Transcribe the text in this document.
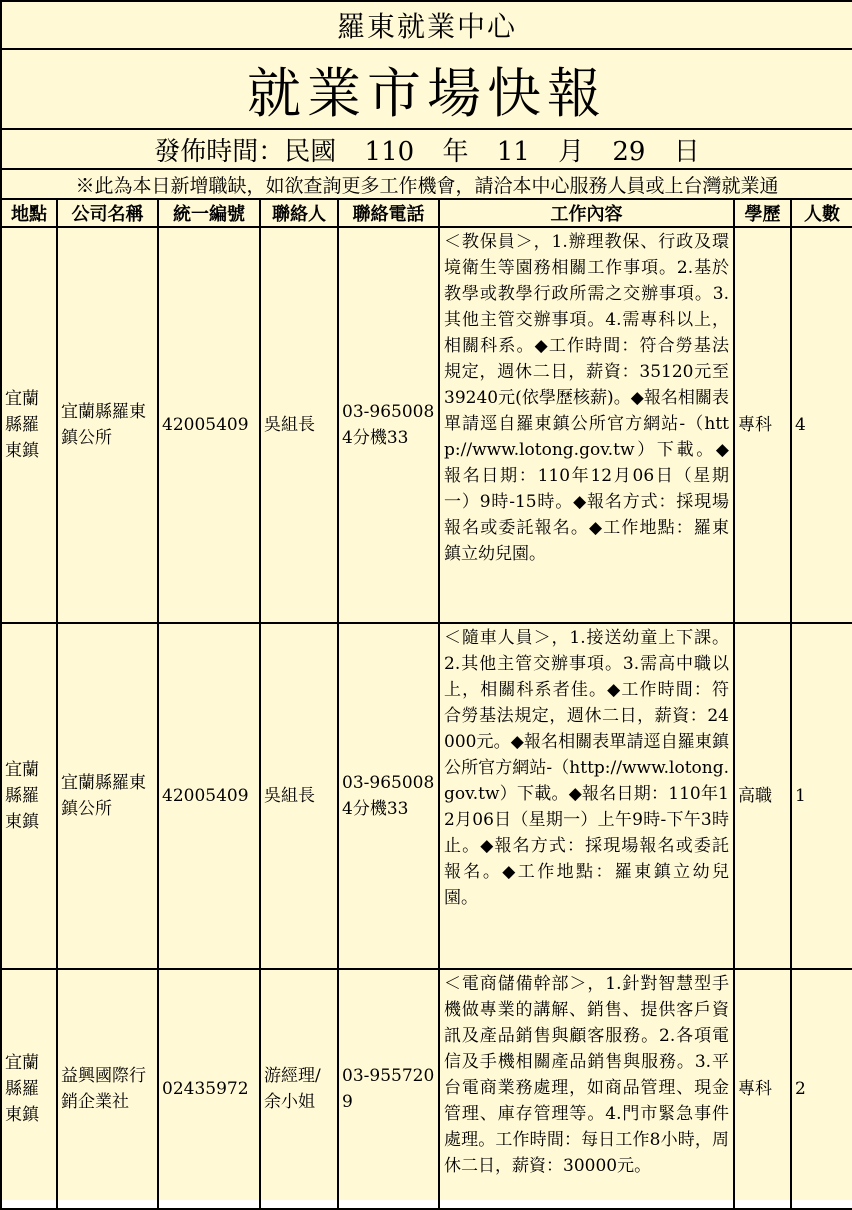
羅東就業中心							
就業市場快報							
發佈時間：民國 110 年 11 月 29 日							
※此為本日新增職缺，如欲查詢更多工作機會，請洽本中心服務人員或上台灣就業通							
地點	公司名稱	統一編號	聯絡人	聯絡電話	工作內容	學歷	人數
宜蘭縣羅東鎮	宜蘭縣羅東鎮公所	42005409	吳組長	03-9650084分機33	＜教保員＞，1.辦理教保、行政及環境衛生等園務相關工作事項。2.基於教學或教學行政所需之交辦事項。3.其他主管交辦事項。4.需專科以上，相關科系。◆工作時間：符合勞基法規定，週休二日，薪資：35120元至39240元(依學歷核薪)。◆報名相關表單請逕自羅東鎮公所官方網站-（http://www.lotong.gov.tw）下載。◆報名日期：110年12月06日（星期一）9時-15時。◆報名方式：採現場報名或委託報名。◆工作地點：羅東鎮立幼兒園。	專科	4
宜蘭縣羅東鎮	宜蘭縣羅東鎮公所	42005409	吳組長	03-9650084分機33	＜隨車人員＞，1.接送幼童上下課。2.其他主管交辦事項。3.需高中職以上，相關科系者佳。◆工作時間：符合勞基法規定，週休二日，薪資：24000元。◆報名相關表單請逕自羅東鎮公所官方網站-（http://www.lotong.gov.tw）下載。◆報名日期：110年12月06日（星期一）上午9時-下午3時止。◆報名方式：採現場報名或委託報名。◆工作地點：羅東鎮立幼兒園。	高職	1
宜蘭縣羅東鎮	益興國際行銷企業社	02435972	游經理/余小姐	03-9557209	＜電商儲備幹部＞，1.針對智慧型手機做專業的講解、銷售、提供客戶資訊及產品銷售與顧客服務。2.各項電信及手機相關產品銷售與服務。3.平台電商業務處理，如商品管理、現金管理、庫存管理等。4.門市緊急事件處理。工作時間：每日工作8小時，周休二日，薪資：30000元。	專科	2
